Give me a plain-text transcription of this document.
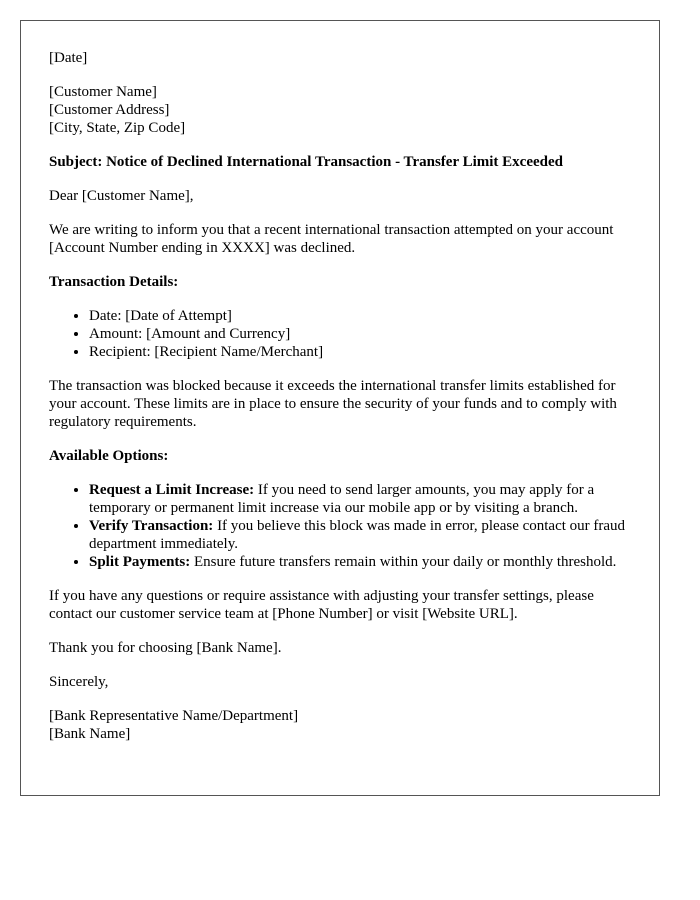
[Date]

[Customer Name]
[Customer Address]
[City, State, Zip Code]

Subject: Notice of Declined International Transaction - Transfer Limit Exceeded

Dear [Customer Name],

We are writing to inform you that a recent international transaction attempted on your account [Account Number ending in XXXX] was declined.

Transaction Details:

• Date: [Date of Attempt]
• Amount: [Amount and Currency]
• Recipient: [Recipient Name/Merchant]

The transaction was blocked because it exceeds the international transfer limits established for your account. These limits are in place to ensure the security of your funds and to comply with regulatory requirements.

Available Options:

• Request a Limit Increase: If you need to send larger amounts, you may apply for a temporary or permanent limit increase via our mobile app or by visiting a branch.
• Verify Transaction: If you believe this block was made in error, please contact our fraud department immediately.
• Split Payments: Ensure future transfers remain within your daily or monthly threshold.

If you have any questions or require assistance with adjusting your transfer settings, please contact our customer service team at [Phone Number] or visit [Website URL].

Thank you for choosing [Bank Name].

Sincerely,

[Bank Representative Name/Department]
[Bank Name]
